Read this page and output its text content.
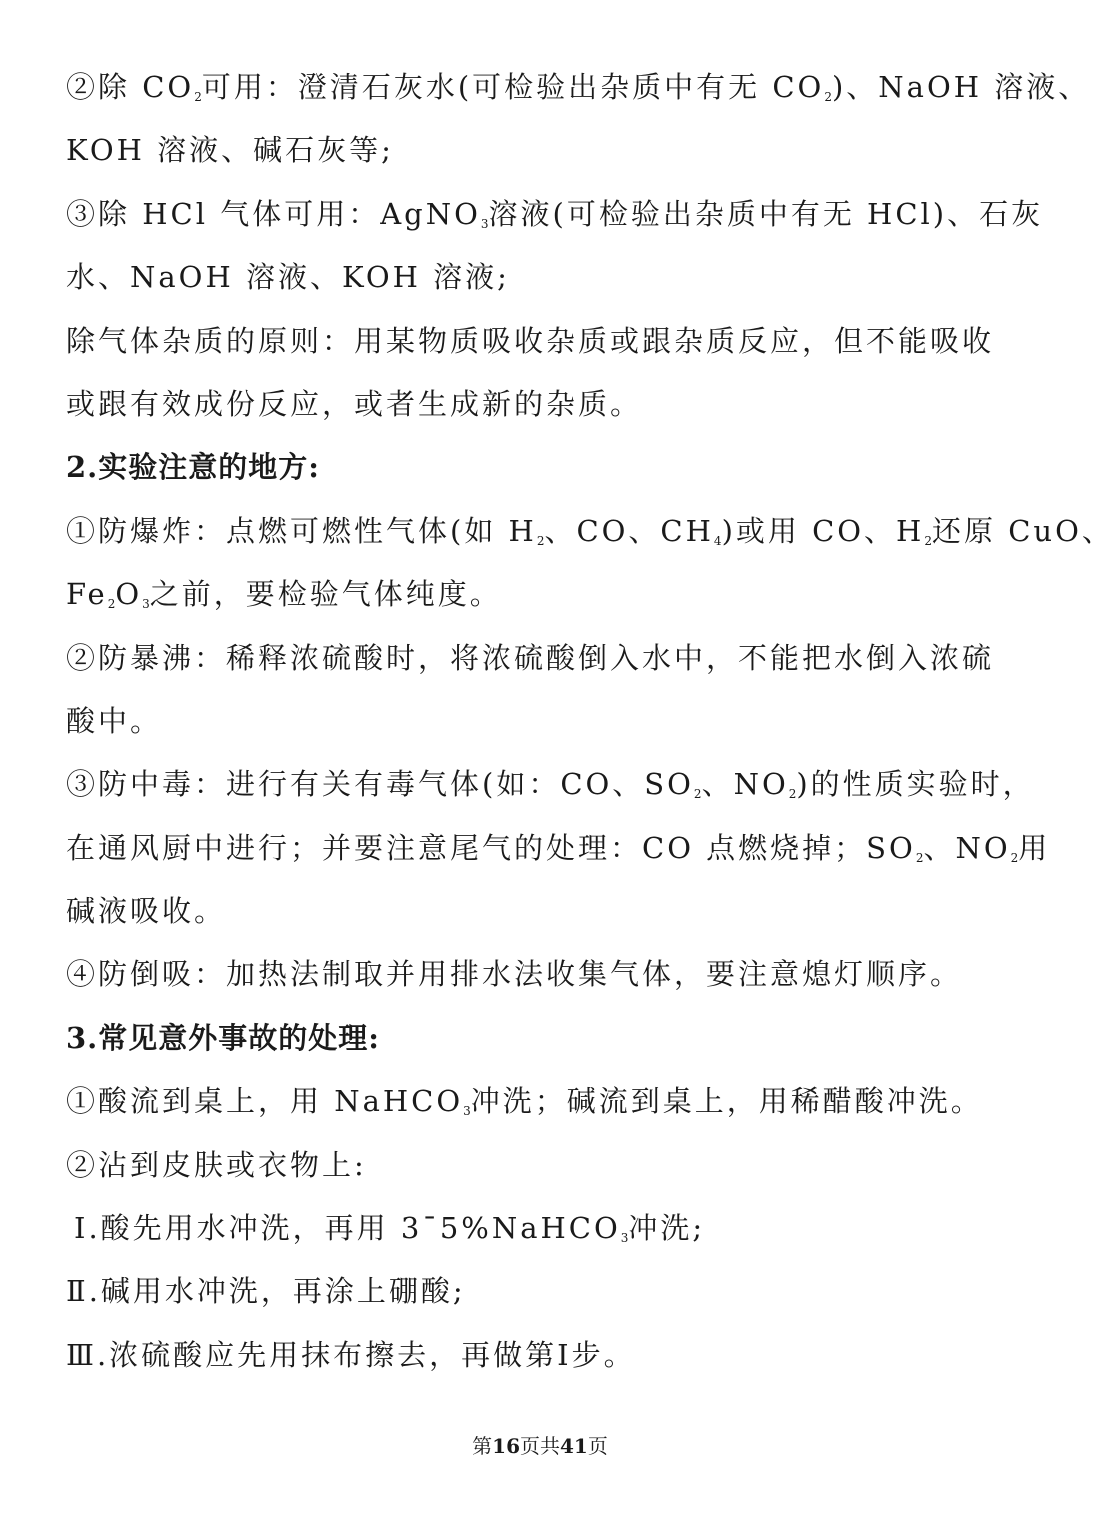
②除 $CO_2$可用：澄清石灰水(可检验出杂质中有无 $CO_2$)、NaOH 溶液、
KOH 溶液、碱石灰等;
③除 HCl 气体可用：AgNO$_3$溶液(可检验出杂质中有无 HCl)、石灰
水、NaOH 溶液、KOH 溶液;
除气体杂质的原则：用某物质吸收杂质或跟杂质反应，但不能吸收
或跟有效成份反应，或者生成新的杂质。
2.实验注意的地方:
①防爆炸：点燃可燃性气体(如 $H_2$、CO、$CH_4$)或用 CO、$H_2$还原 CuO、
$Fe_2O_3$之前，要检验气体纯度。
②防暴沸：稀释浓硫酸时，将浓硫酸倒入水中，不能把水倒入浓硫
酸中。
③防中毒：进行有关有毒气体(如：CO、$SO_2$、$NO_2$)的性质实验时，
在通风厨中进行；并要注意尾气的处理：CO 点燃烧掉；$SO_2$、$NO_2$用
碱液吸收。
④防倒吸：加热法制取并用排水法收集气体，要注意熄灯顺序。
3.常见意外事故的处理:
①酸流到桌上，用 NaHCO$_3$冲洗；碱流到桌上，用稀醋酸冲洗。
②沾到皮肤或衣物上:
Ⅰ.酸先用水冲洗，再用 3¯5%NaHCO$_3$冲洗;
Ⅱ.碱用水冲洗，再涂上硼酸;
Ⅲ.浓硫酸应先用抹布擦去，再做第Ⅰ步。
第16页共41页
